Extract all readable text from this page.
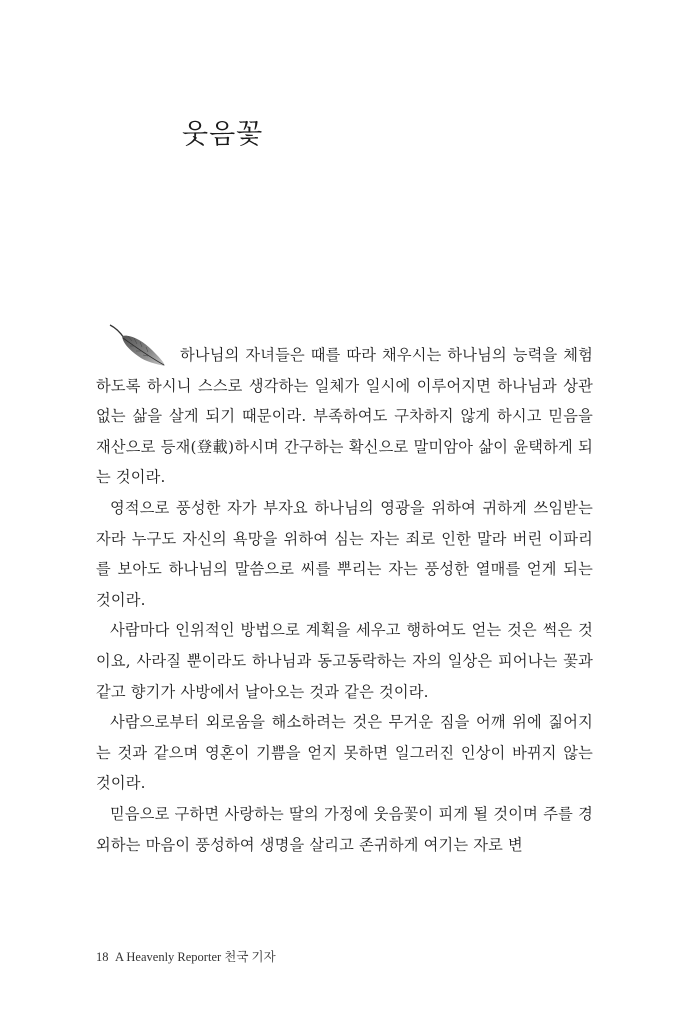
웃음꽃

하나님의 자녀들은 때를 따라 채우시는 하나님의 능력을 체험하도록 하시니 스스로 생각하는 일체가 일시에 이루어지면 하나님과 상관없는 삶을 살게 되기 때문이라. 부족하여도 구차하지 않게 하시고 믿음을 재산으로 등재(登載)하시며 간구하는 확신으로 말미암아 삶이 윤택하게 되는 것이라.

영적으로 풍성한 자가 부자요 하나님의 영광을 위하여 귀하게 쓰임받는 자라 누구도 자신의 욕망을 위하여 심는 자는 죄로 인한 말라 버린 이파리를 보아도 하나님의 말씀으로 씨를 뿌리는 자는 풍성한 열매를 얻게 되는 것이라.

사람마다 인위적인 방법으로 계획을 세우고 행하여도 얻는 것은 썩은 것이요, 사라질 뿐이라도 하나님과 동고동락하는 자의 일상은 피어나는 꽃과 같고 향기가 사방에서 날아오는 것과 같은 것이라.

사람으로부터 외로움을 해소하려는 것은 무거운 짐을 어깨 위에 짊어지는 것과 같으며 영혼이 기쁨을 얻지 못하면 일그러진 인상이 바뀌지 않는 것이라.

믿음으로 구하면 사랑하는 딸의 가정에 웃음꽃이 피게 될 것이며 주를 경외하는 마음이 풍성하여 생명을 살리고 존귀하게 여기는 자로 변

18 A Heavenly Reporter 천국 기자
